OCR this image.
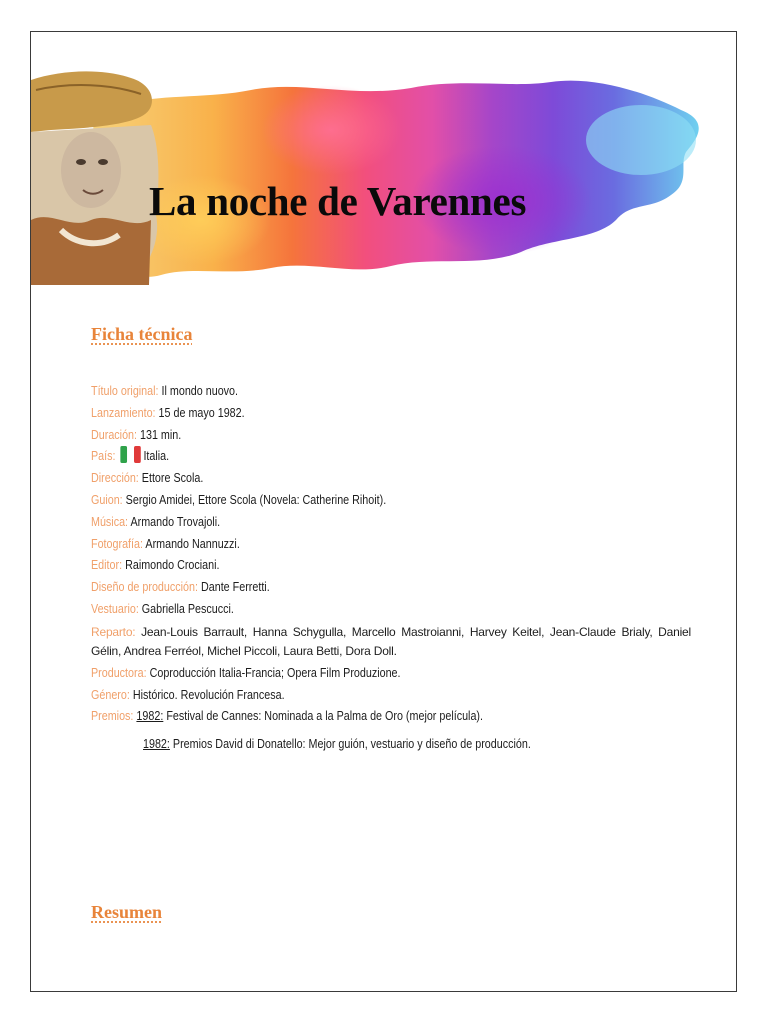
La noche de Varennes
Ficha técnica
Título original: Il mondo nuovo.
Lanzamiento: 15 de mayo 1982.
Duración: 131 min.
País: Italia.
Dirección: Ettore Scola.
Guion: Sergio Amidei, Ettore Scola (Novela: Catherine Rihoit).
Música: Armando Trovajoli.
Fotografía: Armando Nannuzzi.
Editor: Raimondo Crociani.
Diseño de producción: Dante Ferretti.
Vestuario: Gabriella Pescucci.
Reparto: Jean-Louis Barrault, Hanna Schygulla, Marcello Mastroianni, Harvey Keitel, Jean-Claude Brialy, Daniel Gélin, Andrea Ferréol, Michel Piccoli, Laura Betti, Dora Doll.
Productora: Coproducción Italia-Francia; Opera Film Produzione.
Género: Histórico. Revolución Francesa.
Premios: 1982: Festival de Cannes: Nominada a la Palma de Oro (mejor película).
1982: Premios David di Donatello: Mejor guión, vestuario y diseño de producción.
Resumen
